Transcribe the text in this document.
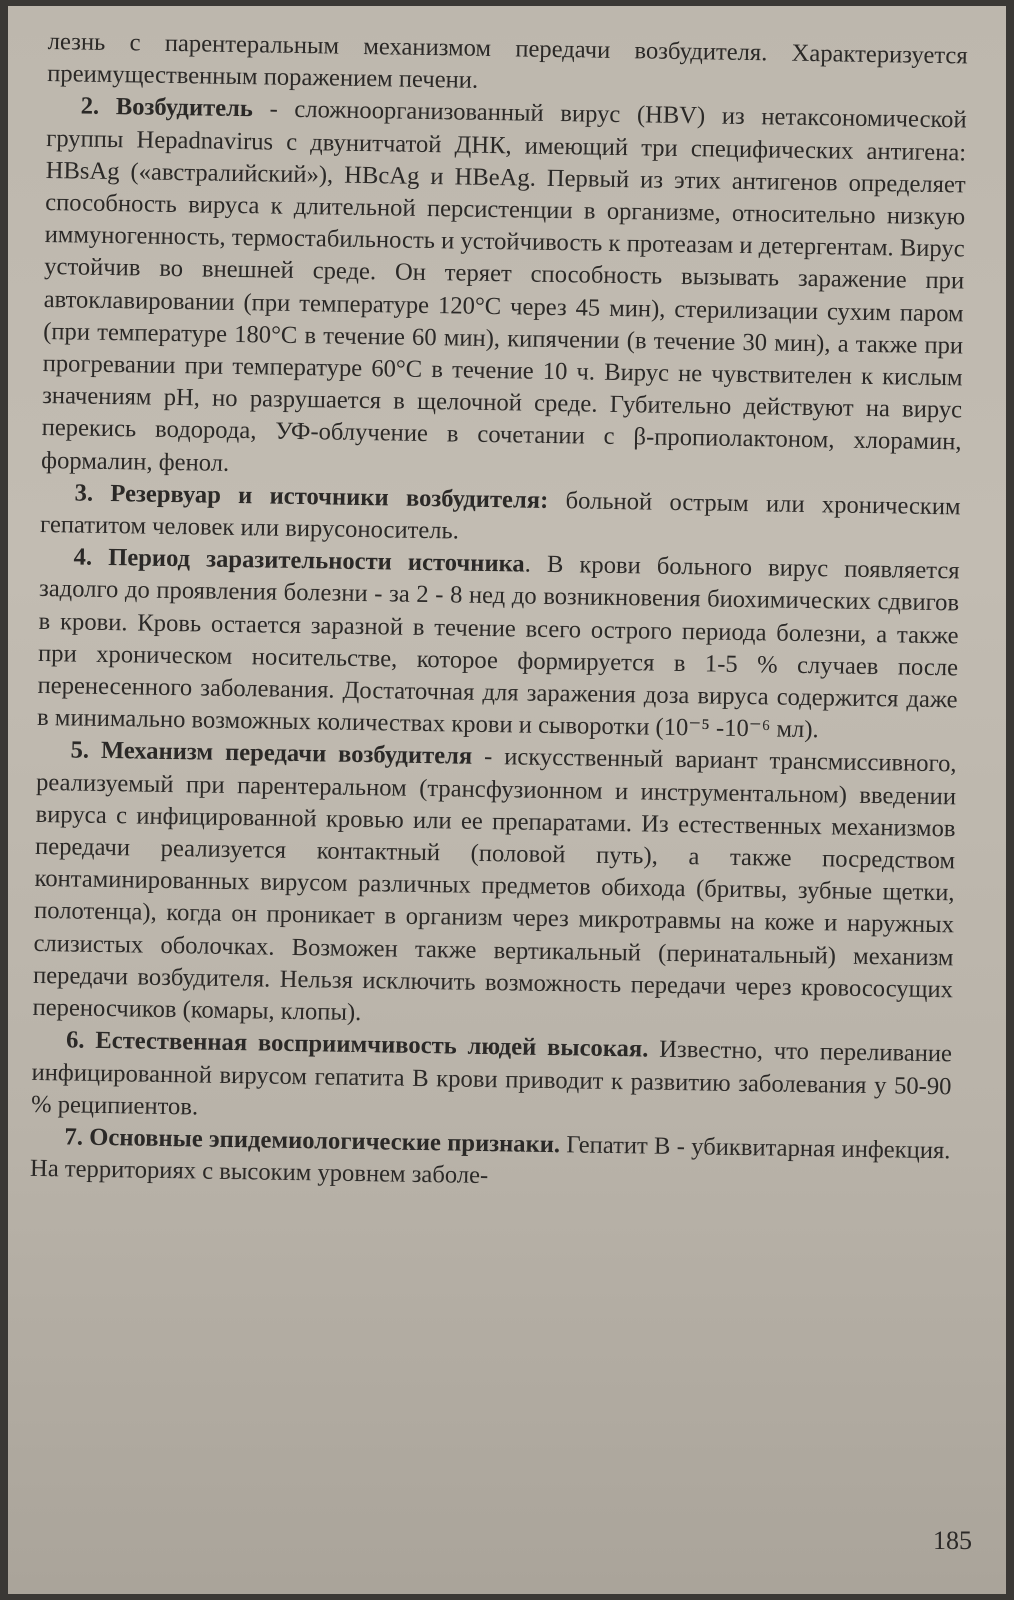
лезнь с парентеральным механизмом передачи возбудителя. Характеризуется преимущественным поражением печени.

2. Возбудитель - сложноорганизованный вирус (HBV) из нетаксономической группы Hepadnavirus с двунитчатой ДНК, имеющий три специфических антигена: HBsAg («австралийский»), HBcAg и HBeAg. Первый из этих антигенов определяет способность вируса к длительной персистенции в организме, относительно низкую иммуногенность, термостабильность и устойчивость к протеазам и детергентам. Вирус устойчив во внешней среде. Он теряет способность вызывать заражение при автоклавировании (при температуре 120°С через 45 мин), стерилизации сухим паром (при температуре 180°С в течение 60 мин), кипячении (в течение 30 мин), а также при прогревании при температуре 60°С в течение 10 ч. Вирус не чувствителен к кислым значениям рН, но разрушается в щелочной среде. Губительно действуют на вирус перекись водорода, УФ-облучение в сочетании с β-пропиолактоном, хлорамин, формалин, фенол.

3. Резервуар и источники возбудителя: больной острым или хроническим гепатитом человек или вирусоноситель.

4. Период заразительности источника. В крови больного вирус появляется задолго до проявления болезни - за 2 - 8 нед до возникновения биохимических сдвигов в крови. Кровь остается заразной в течение всего острого периода болезни, а также при хроническом носительстве, которое формируется в 1-5 % случаев после перенесенного заболевания. Достаточная для заражения доза вируса содержится даже в минимально возможных количествах крови и сыворотки (10⁻⁵ -10⁻⁶ мл).

5. Механизм передачи возбудителя - искусственный вариант трансмиссивного, реализуемый при парентеральном (трансфузионном и инструментальном) введении вируса с инфицированной кровью или ее препаратами. Из естественных механизмов передачи реализуется контактный (половой путь), а также посредством контаминированных вирусом различных предметов обихода (бритвы, зубные щетки, полотенца), когда он проникает в организм через микротравмы на коже и наружных слизистых оболочках. Возможен также вертикальный (перинатальный) механизм передачи возбудителя. Нельзя исключить возможность передачи через кровососущих переносчиков (комары, клопы).

6. Естественная восприимчивость людей высокая. Известно, что переливание инфицированной вирусом гепатита В крови приводит к развитию заболевания у 50-90 % реципиентов.

7. Основные эпидемиологические признаки. Гепатит В - убиквитарная инфекция. На территориях с высоким уровнем заболе-

185
